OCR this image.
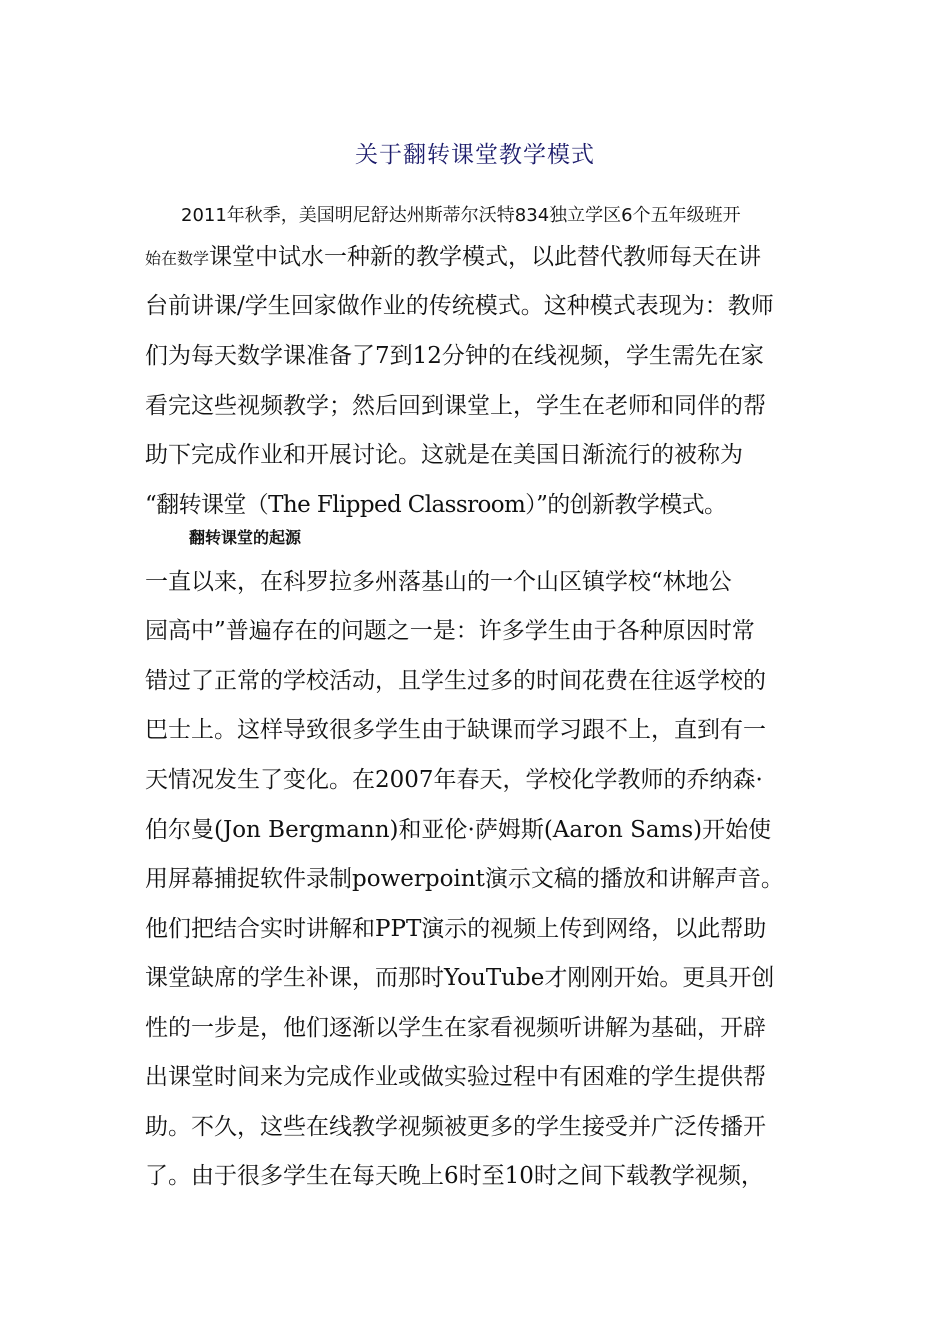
关于翻转课堂教学模式
2011年秋季，美国明尼舒达州斯蒂尔沃特834独立学区6个五年级班开
始在数学课堂中试水一种新的教学模式，以此替代教师每天在讲
台前讲课/学生回家做作业的传统模式。这种模式表现为：教师
们为每天数学课准备了7到12分钟的在线视频，学生需先在家
看完这些视频教学；然后回到课堂上，学生在老师和同伴的帮
助下完成作业和开展讨论。这就是在美国日渐流行的被称为
“翻转课堂（The Flipped Classroom）”的创新教学模式。
翻转课堂的起源
一直以来，在科罗拉多州落基山的一个山区镇学校“林地公
园高中”普遍存在的问题之一是：许多学生由于各种原因时常
错过了正常的学校活动，且学生过多的时间花费在往返学校的
巴士上。这样导致很多学生由于缺课而学习跟不上，直到有一
天情况发生了变化。在2007年春天，学校化学教师的乔纳森·
伯尔曼(Jon Bergmann)和亚伦·萨姆斯(Aaron Sams)开始使
用屏幕捕捉软件录制powerpoint演示文稿的播放和讲解声音。
他们把结合实时讲解和PPT演示的视频上传到网络，以此帮助
课堂缺席的学生补课，而那时YouTube才刚刚开始。更具开创
性的一步是，他们逐渐以学生在家看视频听讲解为基础，开辟
出课堂时间来为完成作业或做实验过程中有困难的学生提供帮
助。不久，这些在线教学视频被更多的学生接受并广泛传播开
了。由于很多学生在每天晚上6时至10时之间下载教学视频，
